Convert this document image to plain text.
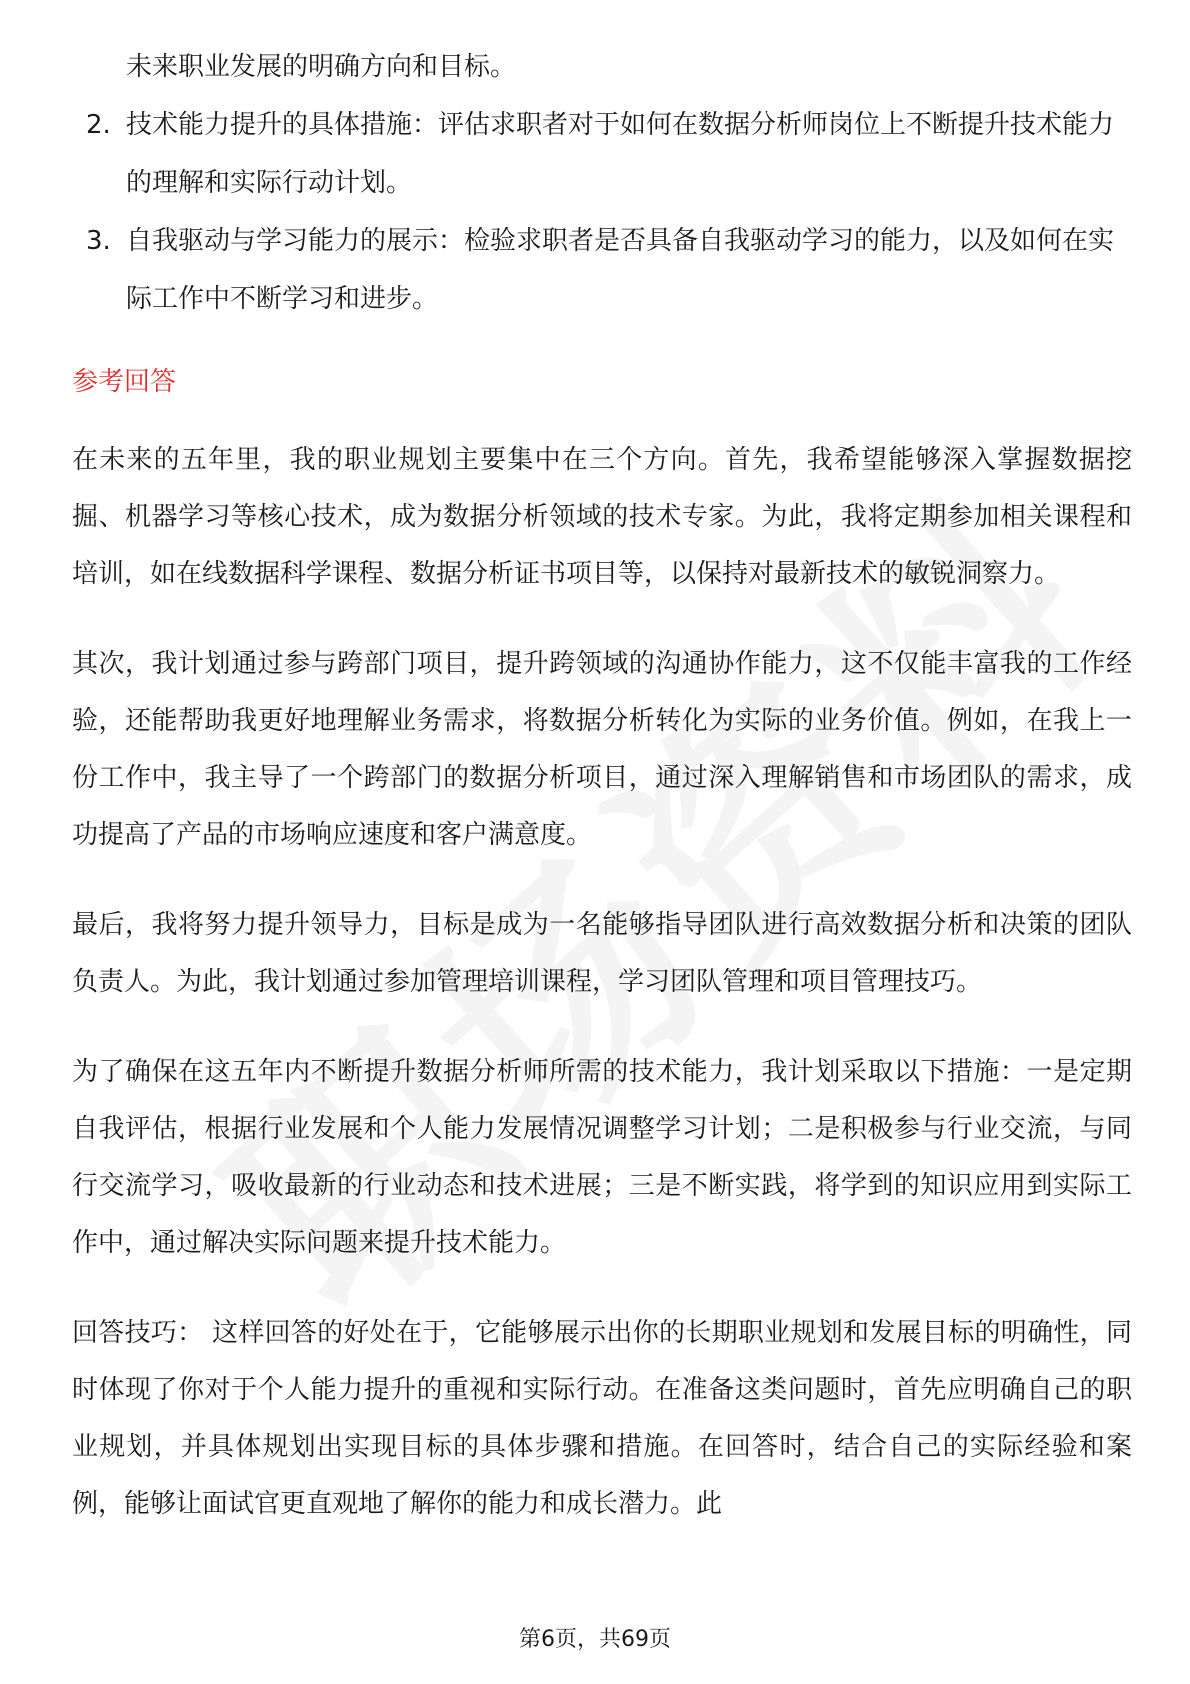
未来职业发展的明确方向和目标。
2. 技术能力提升的具体措施：评估求职者对于如何在数据分析师岗位上不断提升技术能力的理解和实际行动计划。
3. 自我驱动与学习能力的展示：检验求职者是否具备自我驱动学习的能力，以及如何在实际工作中不断学习和进步。
参考回答

在未来的五年里，我的职业规划主要集中在三个方向。首先，我希望能够深入掌握数据挖掘、机器学习等核心技术，成为数据分析领域的技术专家。为此，我将定期参加相关课程和培训，如在线数据科学课程、数据分析证书项目等，以保持对最新技术的敏锐洞察力。

其次，我计划通过参与跨部门项目，提升跨领域的沟通协作能力，这不仅能丰富我的工作经验，还能帮助我更好地理解业务需求，将数据分析转化为实际的业务价值。例如，在我上一份工作中，我主导了一个跨部门的数据分析项目，通过深入理解销售和市场团队的需求，成功提高了产品的市场响应速度和客户满意度。

最后，我将努力提升领导力，目标是成为一名能够指导团队进行高效数据分析和决策的团队负责人。为此，我计划通过参加管理培训课程，学习团队管理和项目管理技巧。

为了确保在这五年内不断提升数据分析师所需的技术能力，我计划采取以下措施：一是定期自我评估，根据行业发展和个人能力发展情况调整学习计划；二是积极参与行业交流，与同行交流学习，吸收最新的行业动态和技术进展；三是不断实践，将学到的知识应用到实际工作中，通过解决实际问题来提升技术能力。

回答技巧： 这样回答的好处在于，它能够展示出你的长期职业规划和发展目标的明确性，同时体现了你对于个人能力提升的重视和实际行动。在准备这类问题时，首先应明确自己的职业规划，并具体规划出实现目标的具体步骤和措施。在回答时，结合自己的实际经验和案例，能够让面试官更直观地了解你的能力和成长潜力。此

第6页，共69页
